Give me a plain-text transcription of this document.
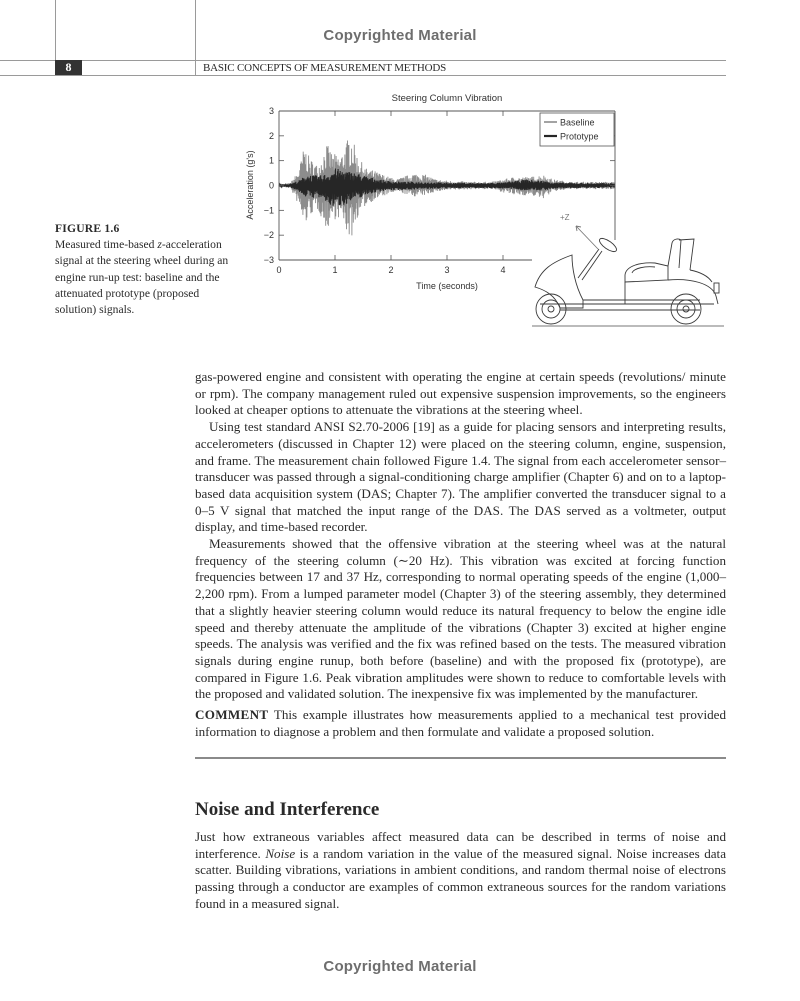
Copyrighted Material
8	BASIC CONCEPTS OF MEASUREMENT METHODS
FIGURE 1.6
Measured time-based z-acceleration signal at the steering wheel during an engine run-up test: baseline and the attenuated prototype (proposed solution) signals.
Steering Column Vibration
3
2
1
0
−1
−2
−3
0	1	2	3	4
Acceleration (g's)
Time (seconds)
Baseline
Prototype
+Z

gas-powered engine and consistent with operating the engine at certain speeds (revolutions/ minute or rpm). The company management ruled out expensive suspension improvements, so the engineers looked at cheaper options to attenuate the vibrations at the steering wheel.

Using test standard ANSI S2.70-2006 [19] as a guide for placing sensors and interpreting results, accelerometers (discussed in Chapter 12) were placed on the steering column, engine, suspension, and frame. The measurement chain followed Figure 1.4. The signal from each accelerometer sensor–transducer was passed through a signal-conditioning charge amplifier (Chapter 6) and on to a laptop-based data acquisition system (DAS; Chapter 7). The amplifier converted the transducer signal to a 0–5 V signal that matched the input range of the DAS. The DAS served as a voltmeter, output display, and time-based recorder.

Measurements showed that the offensive vibration at the steering wheel was at the natural frequency of the steering column (∼20 Hz). This vibration was excited at forcing function frequencies between 17 and 37 Hz, corresponding to normal operating speeds of the engine (1,000–2,200 rpm). From a lumped parameter model (Chapter 3) of the steering assembly, they determined that a slightly heavier steering column would reduce its natural frequency to below the engine idle speed and thereby attenuate the amplitude of the vibrations (Chapter 3) excited at higher engine speeds. The analysis was verified and the fix was refined based on the tests. The measured vibration signals during engine runup, both before (baseline) and with the proposed fix (prototype), are compared in Figure 1.6. Peak vibration amplitudes were shown to reduce to comfortable levels with the proposed and validated solution. The inexpensive fix was implemented by the manufacturer.

COMMENT This example illustrates how measurements applied to a mechanical test provided information to diagnose a problem and then formulate and validate a proposed solution.

Noise and Interference

Just how extraneous variables affect measured data can be described in terms of noise and interference. Noise is a random variation in the value of the measured signal. Noise increases data scatter. Building vibrations, variations in ambient conditions, and random thermal noise of electrons passing through a conductor are examples of common extraneous sources for the random variations found in a measured signal.

Copyrighted Material
